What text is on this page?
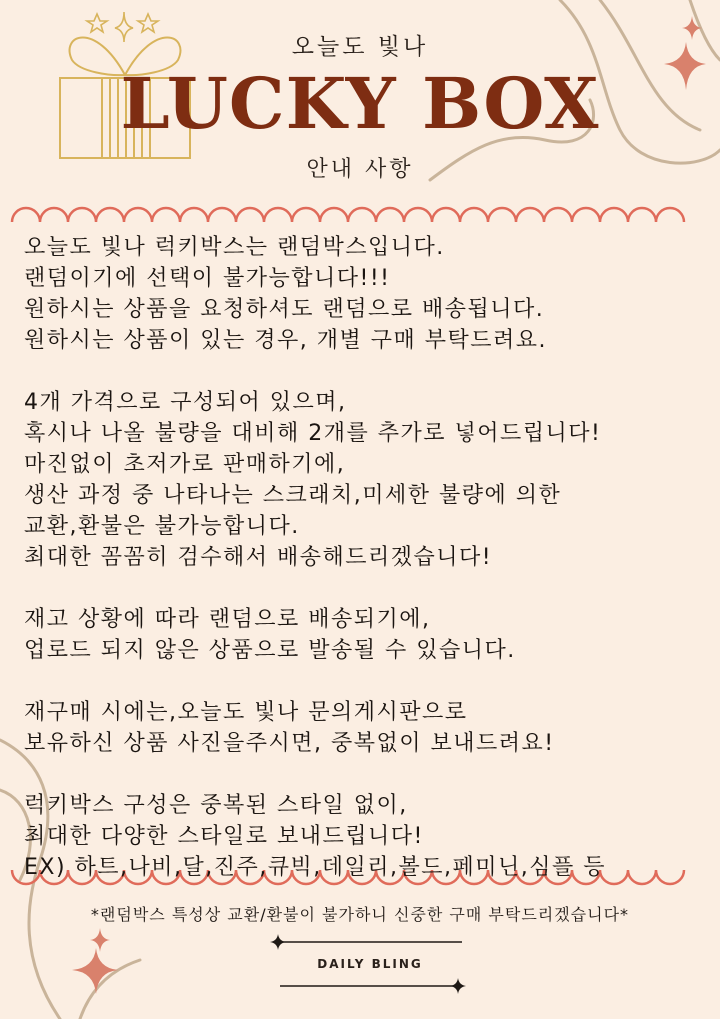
오늘도 빛나
LUCKY BOX
안내 사항
오늘도 빛나 럭키박스는 랜덤박스입니다.
랜덤이기에 선택이 불가능합니다!!!
원하시는 상품을 요청하셔도 랜덤으로 배송됩니다.
원하시는 상품이 있는 경우, 개별 구매 부탁드려요.
4개 가격으로 구성되어 있으며,
혹시나 나올 불량을 대비해 2개를 추가로 넣어드립니다!
마진없이 초저가로 판매하기에,
생산 과정 중 나타나는 스크래치,미세한 불량에 의한
교환,환불은 불가능합니다.
최대한 꼼꼼히 검수해서 배송해드리겠습니다!
재고 상황에 따라 랜덤으로 배송되기에,
업로드 되지 않은 상품으로 발송될 수 있습니다.
재구매 시에는,오늘도 빛나 문의게시판으로
보유하신 상품 사진을주시면, 중복없이 보내드려요!
럭키박스 구성은 중복된 스타일 없이,
최대한 다양한 스타일로 보내드립니다!
EX) 하트,나비,달,진주,큐빅,데일리,볼드,페미닌,심플 등
*랜덤박스 특성상 교환/환불이 불가하니 신중한 구매 부탁드리겠습니다*
DAILY BLING
